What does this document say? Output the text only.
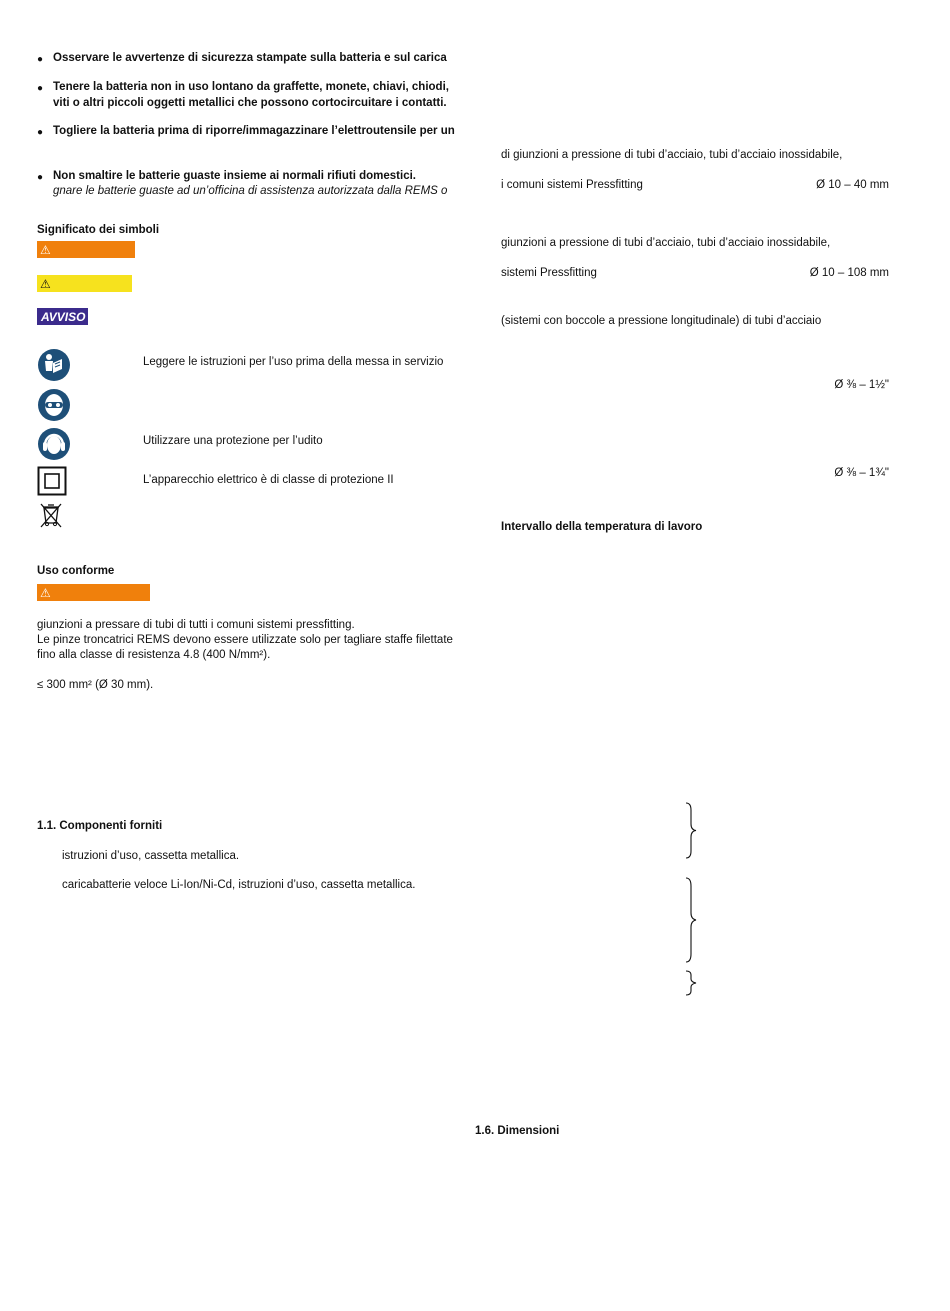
● Osservare le avvertenze di sicurezza stampate sulla batteria e sul carica
● Tenere la batteria non in uso lontano da graffette, monete, chiavi, chiodi,
viti o altri piccoli oggetti metallici che possono cortocircuitare i contatti.
● Togliere la batteria prima di riporre/immagazzinare l’elettroutensile per un
● Non smaltire le batterie guaste insieme ai normali rifiuti domestici.
gnare le batterie guaste ad un’officina di assistenza autorizzata dalla REMS o
Significato dei simboli
⚠
⚠
AVVISO
Leggere le istruzioni per l’uso prima della messa in servizio
Utilizzare una protezione per l’udito
L’apparecchio elettrico è di classe di protezione II
Uso conforme
⚠
giunzioni a pressare di tubi di tutti i comuni sistemi pressfitting.
Le pinze troncatrici REMS devono essere utilizzate solo per tagliare staffe filettate
fino alla classe di resistenza 4.8 (400 N/mm²).
≤ 300 mm² (Ø 30 mm).
1.1. Componenti forniti
istruzioni d’uso, cassetta metallica.
caricabatterie veloce Li-Ion/Ni-Cd, istruzioni d’uso, cassetta metallica.
1.6. Dimensioni
di giunzioni a pressione di tubi d’acciaio, tubi d’acciaio inossidabile,
i comuni sistemi Pressfitting	Ø 10 – 40 mm
giunzioni a pressione di tubi d’acciaio, tubi d’acciaio inossidabile,
sistemi Pressfitting	Ø 10 – 108 mm
(sistemi con boccole a pressione longitudinale) di tubi d’acciaio
Ø ⅜ – 1½"
Ø ⅜ – 1¾"
Intervallo della temperatura di lavoro
